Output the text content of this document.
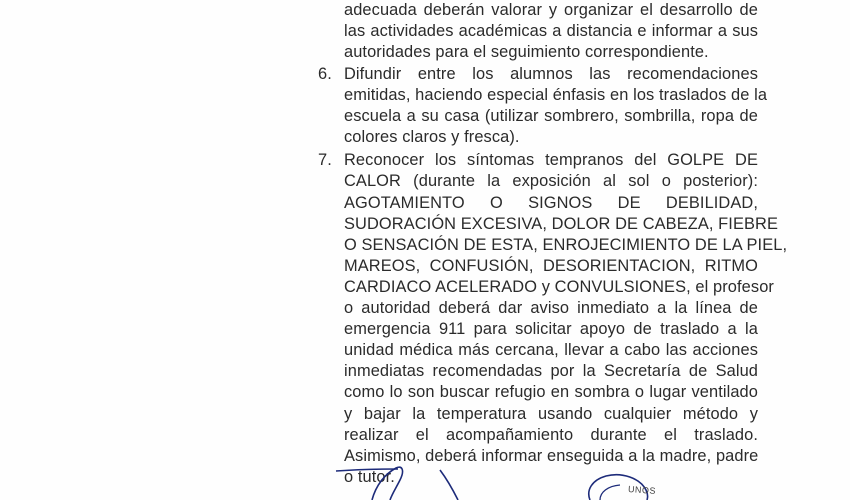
adecuada deberán valorar y organizar el desarrollo de
las actividades académicas a distancia e informar a sus
autoridades para el seguimiento correspondiente.
6. Difundir entre los alumnos las recomendaciones
emitidas, haciendo especial énfasis en los traslados de la
escuela a su casa (utilizar sombrero, sombrilla, ropa de
colores claros y fresca).
7. Reconocer los síntomas tempranos del GOLPE DE
CALOR (durante la exposición al sol o posterior):
AGOTAMIENTO O SIGNOS DE DEBILIDAD,
SUDORACIÓN EXCESIVA, DOLOR DE CABEZA, FIEBRE
O SENSACIÓN DE ESTA, ENROJECIMIENTO DE LA PIEL,
MAREOS, CONFUSIÓN, DESORIENTACION, RITMO
CARDIACO ACELERADO y CONVULSIONES, el profesor
o autoridad deberá dar aviso inmediato a la línea de
emergencia 911 para solicitar apoyo de traslado a la
unidad médica más cercana, llevar a cabo las acciones
inmediatas recomendadas por la Secretaría de Salud
como lo son buscar refugio en sombra o lugar ventilado
y bajar la temperatura usando cualquier método y
realizar el acompañamiento durante el traslado.
Asimismo, deberá informar enseguida a la madre, padre
o tutor.
UNOS
